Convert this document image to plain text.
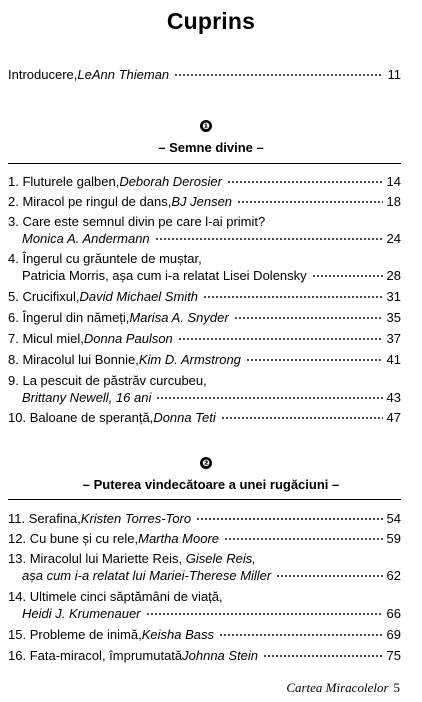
Cuprins
Introducere, LeAnn Thieman	11
❶
– Semne divine –
1.
Fluturele galben, Deborah Derosier	14
2.
Miracol pe ringul de dans, BJ Jensen	18
3. Care este semnul divin pe care l-ai primit?
Monica A. Andermann	24
4. Îngerul cu grăuntele de muștar,
Patricia Morris, așa cum i-a relatat Lisei Dolensky	28
5.
Crucifixul, David Michael Smith	31
6.
Îngerul din nămeți, Marisa A. Snyder	35
7.
Micul miel, Donna Paulson	37
8.
Miracolul lui Bonnie, Kim D. Armstrong	41
9. La pescuit de păstrăv curcubeu,
Brittany Newell, 16 ani	43
10.
Baloane de speranță, Donna Teti	47
❷
– Puterea vindecătoare a unei rugăciuni –
11.
Serafina, Kristen Torres-Toro	54
12.
Cu bune și cu rele, Martha Moore	59
13. Miracolul lui Mariette Reis, Gisele Reis,
așa cum i-a relatat lui Mariei-Therese Miller	62
14. Ultimele cinci săptămâni de viață,
Heidi J. Krumenauer	66
15.
Probleme de inimă, Keisha Bass	69
16.
Fata-miracol, împrumutată Johnna Stein	75
Cartea Miracolelor 5
